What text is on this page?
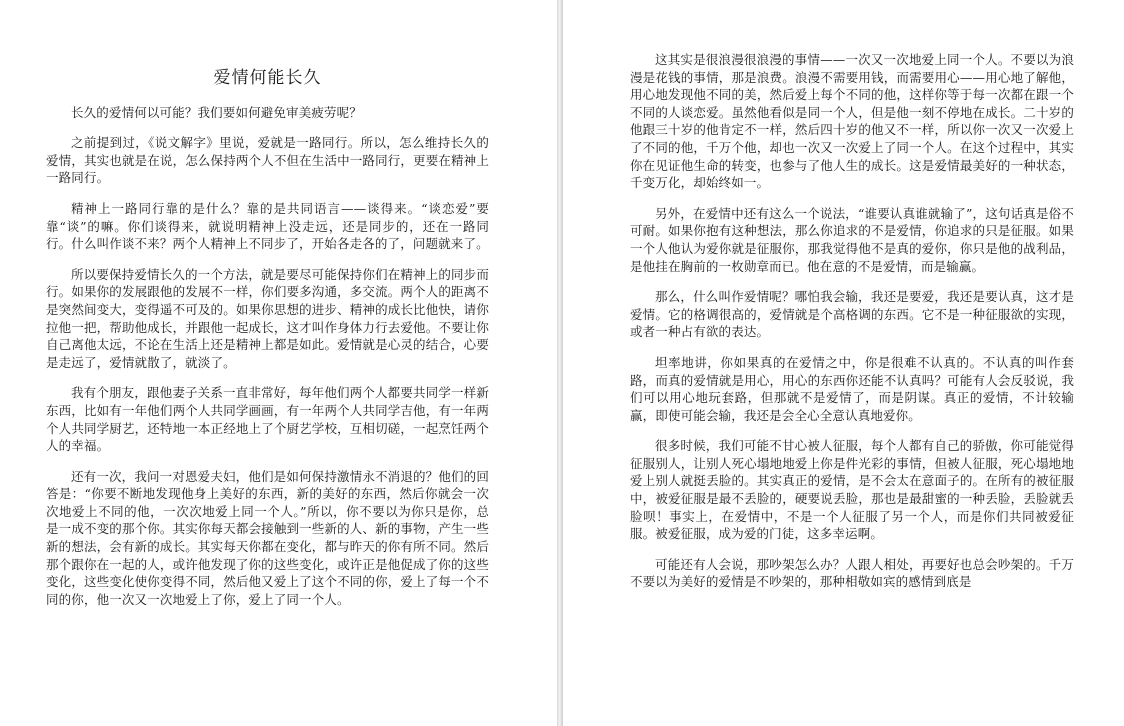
爱情何能长久

长久的爱情何以可能？我们要如何避免审美疲劳呢？

之前提到过，《说文解字》里说，爱就是一路同行。所以，怎么维持长久的爱情，其实也就是在说，怎么保持两个人不但在生活中一路同行，更要在精神上一路同行。

精神上一路同行靠的是什么？靠的是共同语言——谈得来。“谈恋爱”要靠“谈”的嘛。你们谈得来，就说明精神上没走远，还是同步的，还在一路同行。什么叫作谈不来？两个人精神上不同步了，开始各走各的了，问题就来了。

所以要保持爱情长久的一个方法，就是要尽可能保持你们在精神上的同步而行。如果你的发展跟他的发展不一样，你们要多沟通，多交流。两个人的距离不是突然间变大，变得遥不可及的。如果你思想的进步、精神的成长比他快，请你拉他一把，帮助他成长，并跟他一起成长，这才叫作身体力行去爱他。不要让你自己离他太远，不论在生活上还是精神上都是如此。爱情就是心灵的结合，心要是走远了，爱情就散了，就淡了。

我有个朋友，跟他妻子关系一直非常好，每年他们两个人都要共同学一样新东西，比如有一年他们两个人共同学画画，有一年两个人共同学吉他，有一年两个人共同学厨艺，还特地一本正经地上了个厨艺学校，互相切磋，一起烹饪两个人的幸福。

还有一次，我问一对恩爱夫妇，他们是如何保持激情永不消退的？他们的回答是：“你要不断地发现他身上美好的东西，新的美好的东西，然后你就会一次次地爱上不同的他，一次次地爱上同一个人。”所以，你不要以为你只是你，总是一成不变的那个你。其实你每天都会接触到一些新的人、新的事物，产生一些新的想法，会有新的成长。其实每天你都在变化，都与昨天的你有所不同。然后那个跟你在一起的人，或许他发现了你的这些变化，或许正是他促成了你的这些变化，这些变化使你变得不同，然后他又爱上了这个不同的你，爱上了每一个不同的你，他一次又一次地爱上了你，爱上了同一个人。

这其实是很浪漫很浪漫的事情——一次又一次地爱上同一个人。不要以为浪漫是花钱的事情，那是浪费。浪漫不需要用钱，而需要用心——用心地了解他，用心地发现他不同的美，然后爱上每个不同的他，这样你等于每一次都在跟一个不同的人谈恋爱。虽然他看似是同一个人，但是他一刻不停地在成长。二十岁的他跟三十岁的他肯定不一样，然后四十岁的他又不一样，所以你一次又一次爱上了不同的他，千万个他，却也一次又一次爱上了同一个人。在这个过程中，其实你在见证他生命的转变，也参与了他人生的成长。这是爱情最美好的一种状态，千变万化，却始终如一。

另外，在爱情中还有这么一个说法，“谁要认真谁就输了”，这句话真是俗不可耐。如果你抱有这种想法，那么你追求的不是爱情，你追求的只是征服。如果一个人他认为爱你就是征服你，那我觉得他不是真的爱你，你只是他的战利品，是他挂在胸前的一枚勋章而已。他在意的不是爱情，而是输赢。

那么，什么叫作爱情呢？哪怕我会输，我还是要爱，我还是要认真，这才是爱情。它的格调很高的，爱情就是个高格调的东西。它不是一种征服欲的实现，或者一种占有欲的表达。

坦率地讲，你如果真的在爱情之中，你是很难不认真的。不认真的叫作套路，而真的爱情就是用心，用心的东西你还能不认真吗？可能有人会反驳说，我们可以用心地玩套路，但那就不是爱情了，而是阴谋。真正的爱情，不计较输赢，即使可能会输，我还是会全心全意认真地爱你。

很多时候，我们可能不甘心被人征服，每个人都有自己的骄傲，你可能觉得征服别人，让别人死心塌地地爱上你是件光彩的事情，但被人征服，死心塌地地爱上别人就挺丢脸的。其实真正的爱情，是不会太在意面子的。在所有的被征服中，被爱征服是最不丢脸的，硬要说丢脸，那也是最甜蜜的一种丢脸，丢脸就丢脸呗！事实上，在爱情中，不是一个人征服了另一个人，而是你们共同被爱征服。被爱征服，成为爱的门徒，这多幸运啊。

可能还有人会说，那吵架怎么办？人跟人相处，再要好也总会吵架的。千万不要以为美好的爱情是不吵架的，那种相敬如宾的感情到底是
